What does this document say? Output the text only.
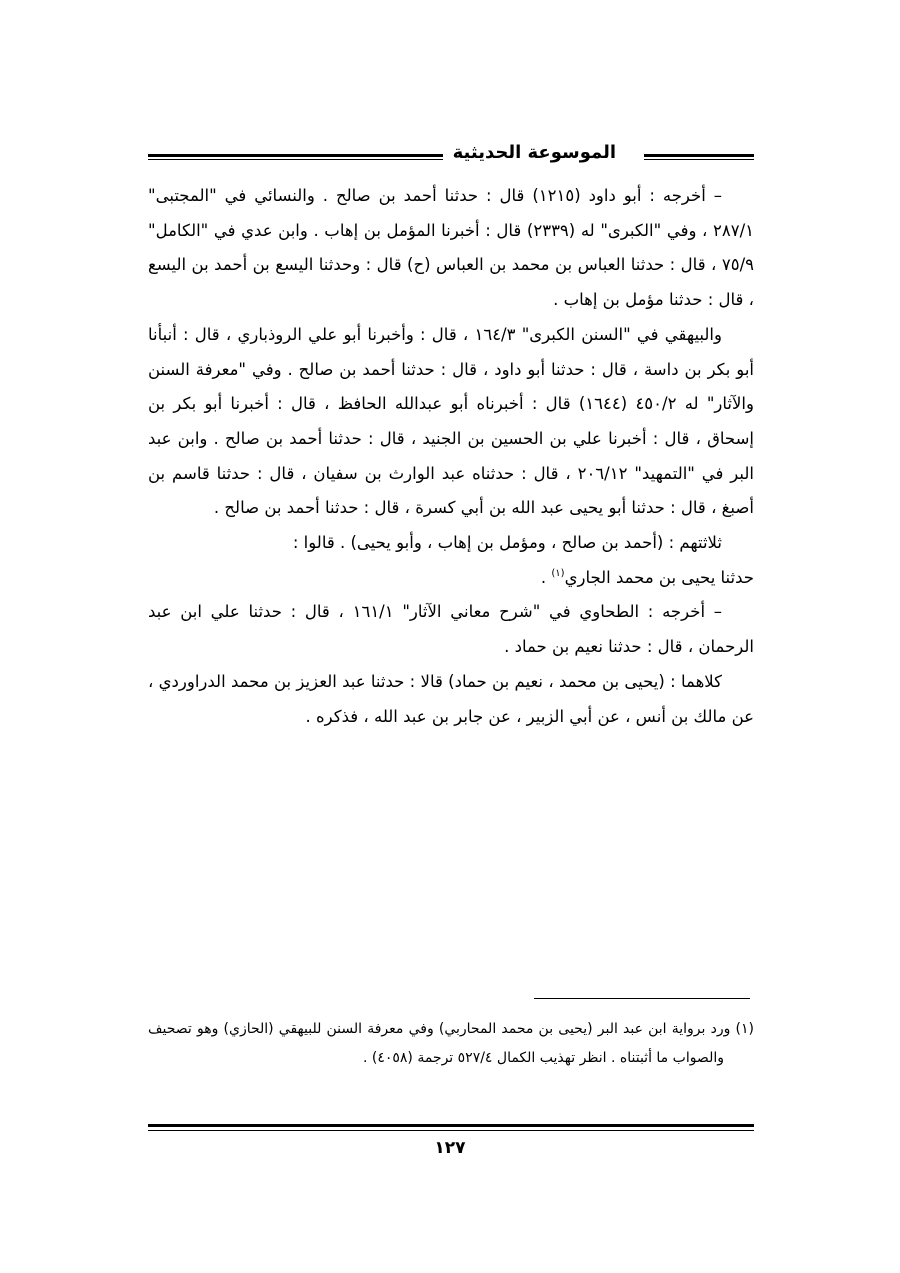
الموسوعة الحديثية

– أخرجه : أبو داود (١٢١٥) قال : حدثنا أحمد بن صالح . والنسائي في "المجتبى" ٢٨٧/١ ، وفي "الكبرى" له (٢٣٣٩) قال : أخبرنا المؤمل بن إهاب . وابن عدي في "الكامل" ٧٥/٩ ، قال : حدثنا العباس بن محمد بن العباس (ح) قال : وحدثنا اليسع بن أحمد بن اليسع ، قال : حدثنا مؤمل بن إهاب .

والبيهقي في "السنن الكبرى" ١٦٤/٣ ، قال : وأخبرنا أبو علي الروذباري ، قال : أنبأنا أبو بكر بن داسة ، قال : حدثنا أبو داود ، قال : حدثنا أحمد بن صالح . وفي "معرفة السنن والآثار" له ٤٥٠/٢ (١٦٤٤) قال : أخبرناه أبو عبدالله الحافظ ، قال : أخبرنا أبو بكر بن إسحاق ، قال : أخبرنا علي بن الحسين بن الجنيد ، قال : حدثنا أحمد بن صالح . وابن عبد البر في "التمهيد" ٢٠٦/١٢ ، قال : حدثناه عبد الوارث بن سفيان ، قال : حدثنا قاسم بن أصبغ ، قال : حدثنا أبو يحيى عبد الله بن أبي كسرة ، قال : حدثنا أحمد بن صالح .

ثلاثتهم : (أحمد بن صالح ، ومؤمل بن إهاب ، وأبو يحيى) . قالوا :

حدثنا يحيى بن محمد الجاري$^{(١)}$ .

– أخرجه : الطحاوي في "شرح معاني الآثار" ١٦١/١ ، قال : حدثنا علي ابن عبد الرحمان ، قال : حدثنا نعيم بن حماد .

كلاهما : (يحيى بن محمد ، نعيم بن حماد) قالا : حدثنا عبد العزيز بن محمد الدراوردي ، عن مالك بن أنس ، عن أبي الزبير ، عن جابر بن عبد الله ، فذكره .

(١) ورد برواية ابن عبد البر (يحيى بن محمد المحاربي) وفي معرفة السنن للبيهقي (الحازي) وهو تصحيف والصواب ما أثبتناه . انظر تهذيب الكمال ٥٢٧/٤ ترجمة (٤٠٥٨) .

١٢٧
